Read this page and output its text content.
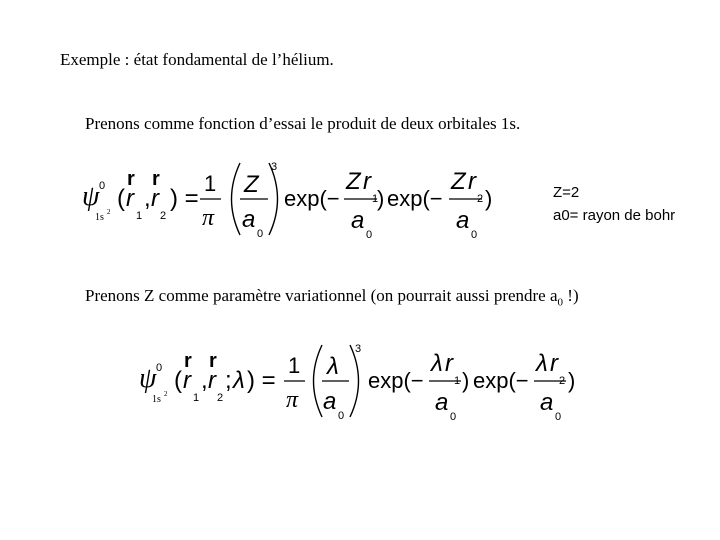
Exemple : état fondamental de l’hélium.
Prenons comme fonction d’essai le produit de deux orbitales 1s.
ψ 0
1s 2 (
r
r
1
,
r
r
2
) =
1
π
Z
a
0
3
exp(−
Z r
1
a
0
) exp(−
Z r
2
a
0
)	Z=2
a0= rayon de bohr
Prenons Z comme paramètre variationnel (on pourrait aussi prendre $a_0$ !)
ψ 0
1s 2 (
r
r
1
,
r
r
2
; λ ) =
1
π
λ
a
0
3
exp(−
λ r
1
a
0
) exp(−
λ r
2
a
0
)
